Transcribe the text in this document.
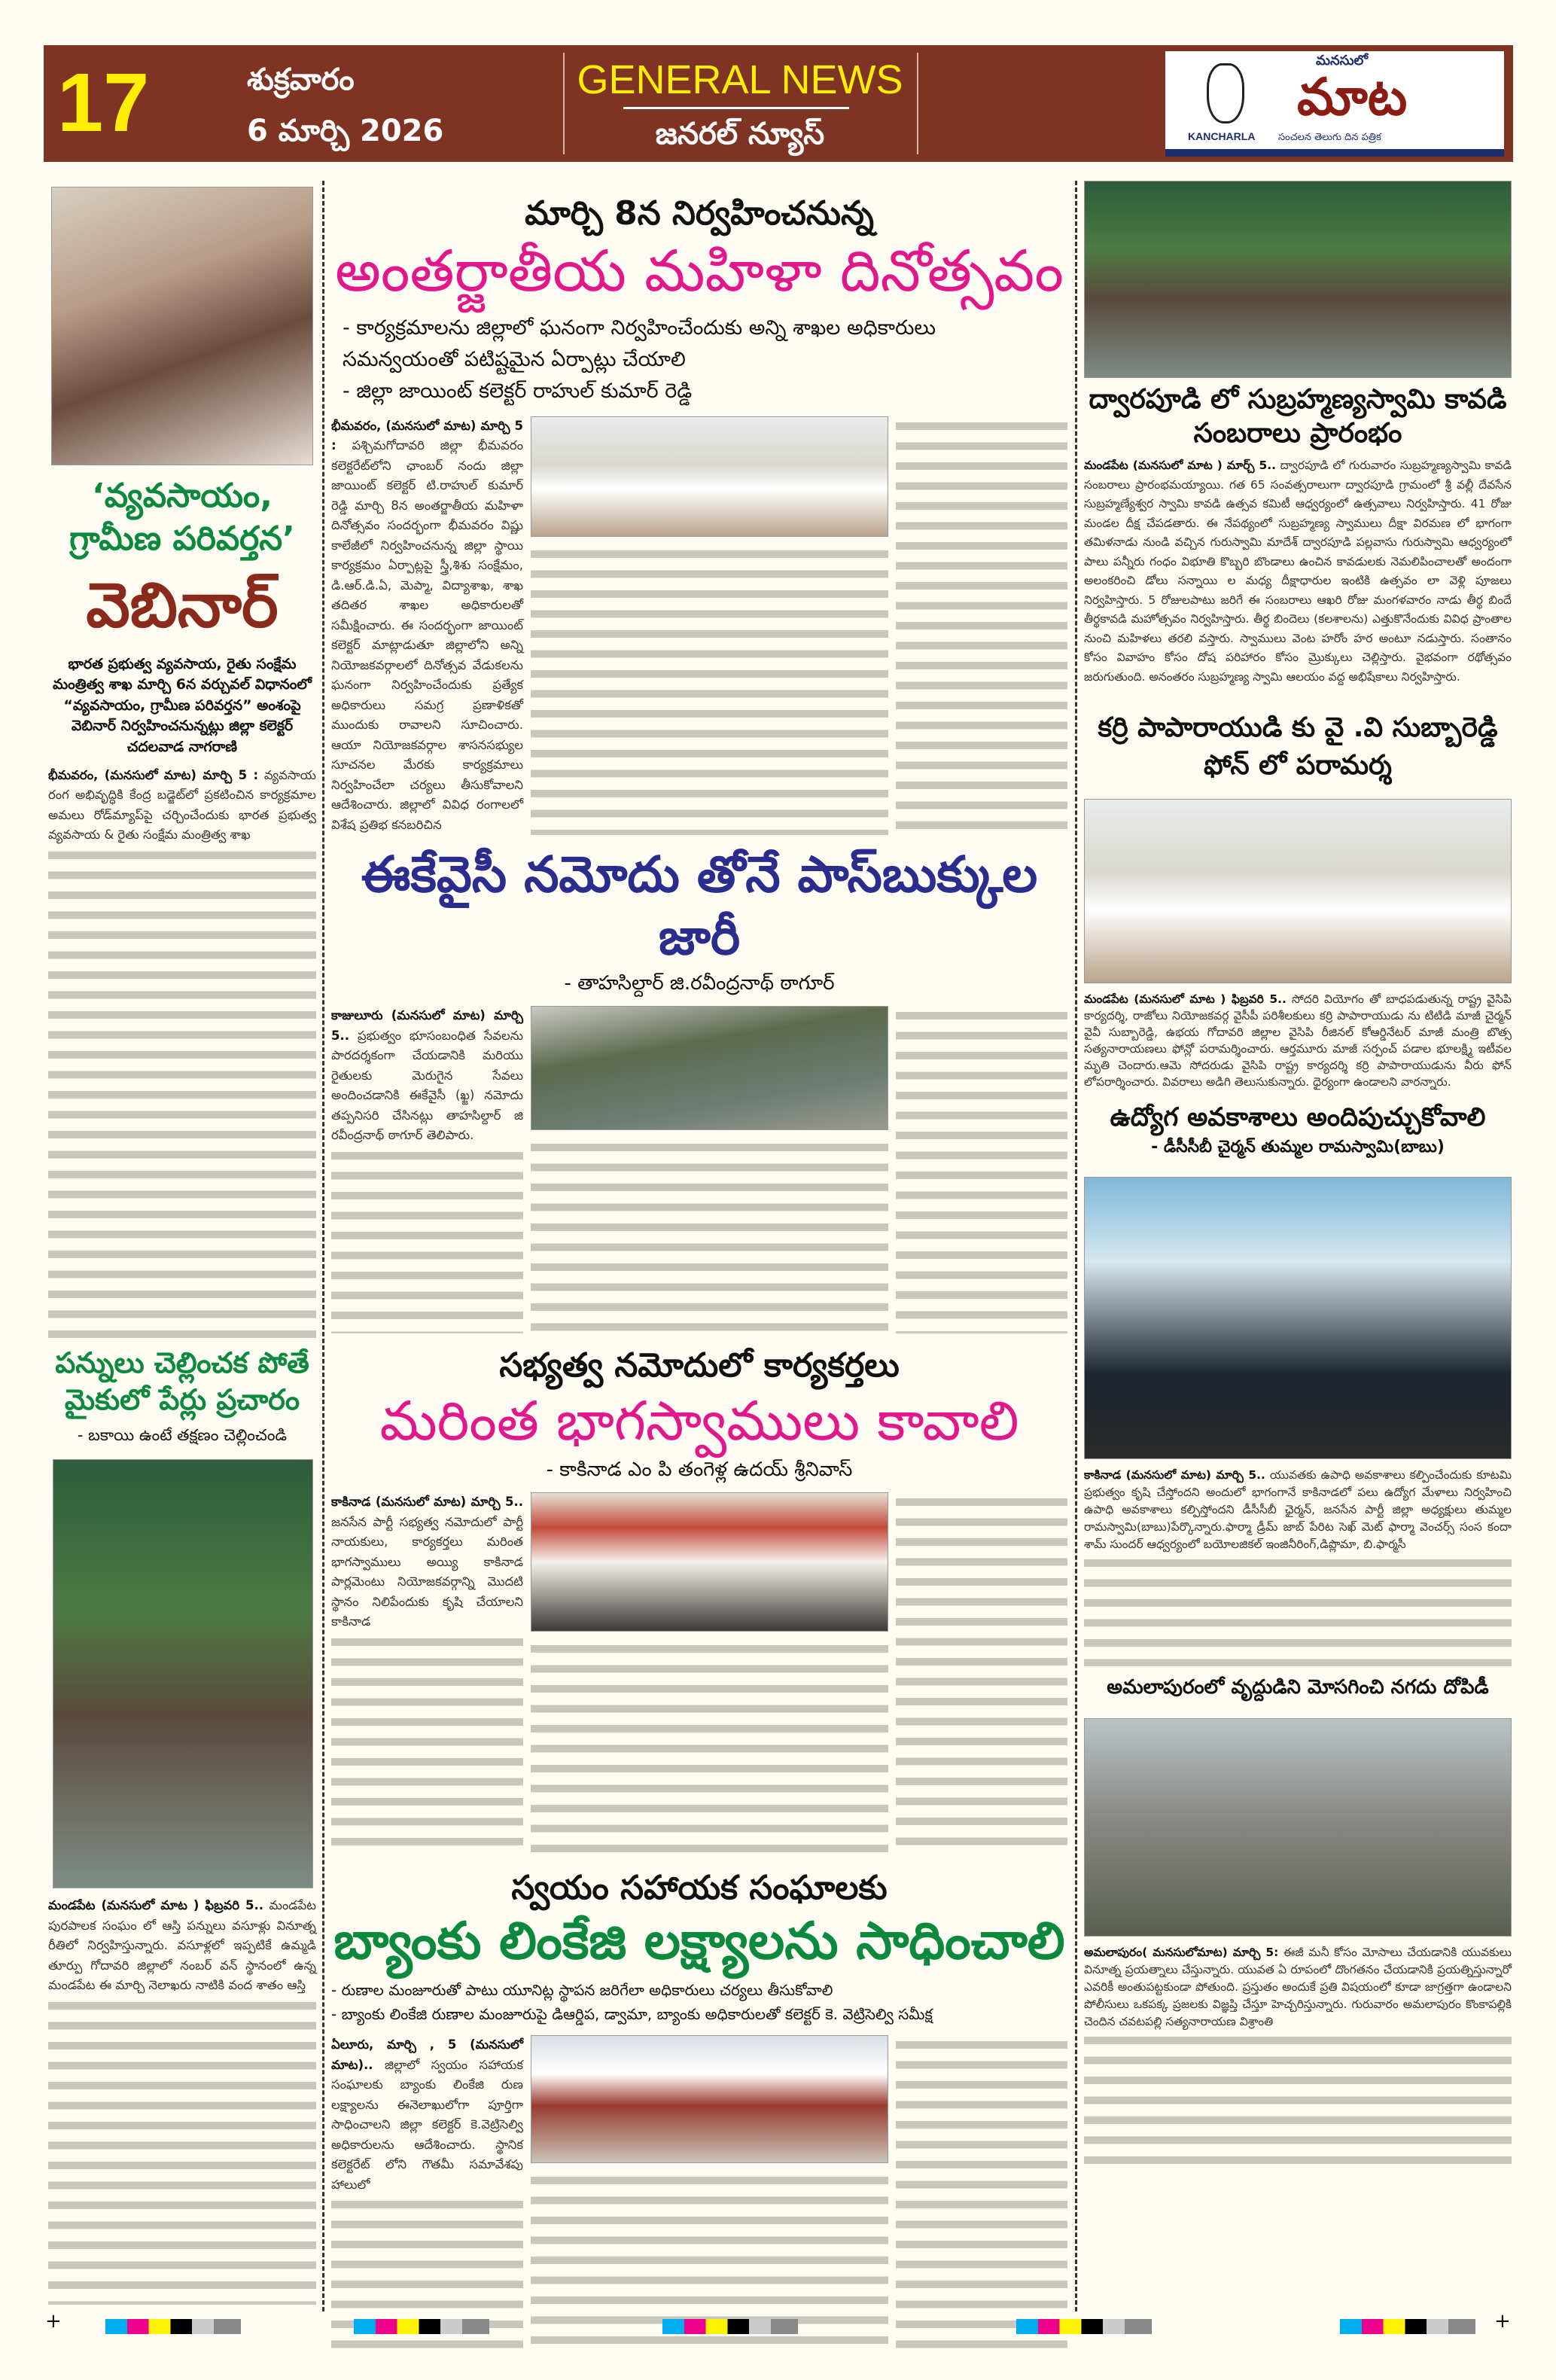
17	శుక్రవారం
6 మార్చి 2026
GENERAL NEWS
జనరల్ న్యూస్	KANCHARLA
మనసులో
మాట
సంచలన తెలుగు దిన పత్రిక
‘వ్యవసాయం, గ్రామీణ పరివర్తన’
వెబినార్
భారత ప్రభుత్వ వ్యవసాయ, రైతు సంక్షేమ మంత్రిత్వ శాఖ మార్చి 6న వర్చువల్ విధానంలో “వ్యవసాయం, గ్రామీణ పరివర్తన” అంశంపై వెబినార్ నిర్వహించనున్నట్లు జిల్లా కలెక్టర్ చదలవాడ నాగరాణి
భీమవరం, (మనసులో మాట) మార్చి 5 : వ్యవసాయ రంగ అభివృద్ధికి కేంద్ర బడ్జెట్‌లో ప్రకటించిన కార్యక్రమాల అమలు రోడ్‌మ్యాప్‌పై చర్చించేందుకు భారత ప్రభుత్వ వ్యవసాయ & రైతు సంక్షేమ మంత్రిత్వ శాఖ
పన్నులు చెల్లించక పోతే మైకులో పేర్లు ప్రచారం
- బకాయి ఉంటే తక్షణం చెల్లించండి
మండపేట (మనసులో మాట ) ఫిబ్రవరి 5.. మండపేట పురపాలక సంఘం లో ఆస్తి పన్నులు వసూళ్లు వినూత్న రీతిలో నిర్వహిస్తున్నారు. వసూళ్లలో ఇప్పటికే ఉమ్మడి తూర్పు గోదావరి జిల్లాలో నంబర్ వన్ స్థానంలో ఉన్న మండపేట ఈ మార్చి నెలాఖరు నాటికి వంద శాతం ఆస్తి
మార్చి 8న నిర్వహించనున్న
అంతర్జాతీయ మహిళా దినోత్సవం
- కార్యక్రమాలను జిల్లాలో ఘనంగా నిర్వహించేందుకు అన్ని శాఖల అధికారులు సమన్వయంతో పటిష్టమైన ఏర్పాట్లు చేయాలి
- జిల్లా జాయింట్ కలెక్టర్ రాహుల్ కుమార్ రెడ్డి
భీమవరం, (మనసులో మాట) మార్చి 5 : పశ్చిమగోదావరి జిల్లా భీమవరం కలెక్టరేట్‌లోని ఛాంబర్ నందు జిల్లా జాయింట్ కలెక్టర్ టి.రాహుల్ కుమార్ రెడ్డి మార్చి 8న అంతర్జాతీయ మహిళా దినోత్సవం సందర్భంగా భీమవరం విష్ణు కాలేజీలో నిర్వహించనున్న జిల్లా స్థాయి కార్యక్రమం ఏర్పాట్లపై స్త్రీ,శిశు సంక్షేమం, డి.ఆర్.డి.ఏ, మెప్మా, విద్యాశాఖ, శాఖ తదితర శాఖల అధికారులతో సమీక్షించారు. ఈ సందర్భంగా జాయింట్ కలెక్టర్ మాట్లాడుతూ జిల్లాలోని అన్ని నియోజకవర్గాలలో దినోత్సవ వేడుకలను ఘనంగా నిర్వహించేందుకు ప్రత్యేక అధికారులు సమగ్ర ప్రణాళికతో ముందుకు రావాలని సూచించారు. ఆయా నియోజకవర్గాల శాసనసభ్యుల సూచనల మేరకు కార్యక్రమాలు నిర్వహించేలా చర్యలు తీసుకోవాలని ఆదేశించారు. జిల్లాలో వివిధ రంగాలలో విశేష ప్రతిభ కనబరిచిన
ఈకేవైసీ నమోదు తోనే పాస్‌బుక్కుల జారీ
- తాహసిల్దార్ జి.రవీంద్రనాథ్ ఠాగూర్
కాజులూరు (మనసులో మాట) మార్చి 5.. ప్రభుత్వం భూసంబంధిత సేవలను పారదర్శకంగా చేయడానికి మరియు రైతులకు మెరుగైన సేవలు అందించడానికి ఈకేవైసీ (ఖ్జ) నమోదు తప్పనిసరి చేసినట్లు తాహసిల్దార్ జి రవీంద్రనాథ్ ఠాగూర్ తెలిపారు.
సభ్యత్వ నమోదులో కార్యకర్తలు
మరింత భాగస్వాములు కావాలి
- కాకినాడ ఎం పి తంగెళ్ల ఉదయ్ శ్రీనివాస్
కాకినాడ (మనసులో మాట) మార్చి 5.. జనసేన పార్టీ సభ్యత్వ నమోదులో పార్టీ నాయకులు, కార్యకర్తలు మరింత భాగస్వాములు అయ్యి కాకినాడ పార్లమెంటు నియోజకవర్గాన్ని మొదటి స్థానం నిలిపేందుకు కృషి చేయాలని కాకినాడ
స్వయం సహాయక సంఘాలకు
బ్యాంకు లింకేజి లక్ష్యాలను సాధించాలి
- రుణాల మంజూరుతో పాటు యూనిట్ల స్థాపన జరిగేలా అధికారులు చర్యలు తీసుకోవాలి
- బ్యాంకు లింకేజి రుణాల మంజూరుపై డిఆర్డిప, డ్వామా, బ్యాంకు అధికారులతో కలెక్టర్ కె. వెట్రిసెల్వి సమీక్ష
ఏలూరు, మార్చి , 5 (మనసులో మాట).. జిల్లాలో స్వయం సహాయక సంఘాలకు బ్యాంకు లింకేజి రుణ లక్ష్యాలను ఈనెలాఖులోగా పూర్తిగా సాధించాలని జిల్లా కలెక్టర్ కె.వెట్రిసెల్వి అధికారులను ఆదేశించారు. స్థానిక కలెక్టరేట్ లోని గౌతమీ సమావేశపు హాలులో
ద్వారపూడి లో సుబ్రహ్మణ్యస్వామి కావడి సంబరాలు ప్రారంభం
మండపేట (మనసులో మాట ) మార్చ్ 5.. ద్వారపూడి లో గురువారం సుబ్రహ్మణ్యస్వామి కావడి సంబరాలు ప్రారంభమయ్యాయి. గత 65 సంవత్సరాలుగా ద్వారపూడి గ్రామంలో శ్రీ వల్లీ దేవసేన సుబ్రహ్మణ్యేశ్వర స్వామి కావడి ఉత్సవ కమిటీ ఆధ్వర్యంలో ఉత్సవాలు నిర్వహిస్తారు. 41 రోజు మండల దీక్ష చేపడతారు. ఈ నేపథ్యంలో సుబ్రహ్మణ్య స్వాములు దీక్షా విరమణ లో భాగంగా తమిళనాడు నుండి వచ్చిన గురుస్వామి మాదేశ్ ద్వారపూడి పల్లవాసు గురుస్వామి ఆధ్వర్యంలో పాలు పన్నీరు గంధం విభూతి కొబ్బరి బొండాలు ఉంచిన కావడులకు నెమలిపించాలతో అందంగా అలంకరించి డోలు సన్నాయి ల మధ్య దీక్షాధారుల ఇంటికి ఉత్సవం లా వెళ్లి పూజలు నిర్వహిస్తారు. 5 రోజులపాటు జరిగే ఈ సంబరాలు ఆఖరి రోజు మంగళవారం నాడు తీర్థ బిందే తీర్థకావడి మహోత్సవం నిర్వహిస్తారు. తీర్థ బిందెలు (కలశాలను) ఎత్తుకొనేందుకు వివిధ ప్రాంతాల నుంచి మహిళలు తరలి వస్తారు. స్వాములు వెంట హరోం హర అంటూ నడుస్తారు. సంతానం కోసం వివాహం కోసం దోష పరిహారం కోసం మ్రొక్కులు చెల్లిస్తారు. వైభవంగా రథోత్సవం జరుగుతుంది. అనంతరం సుబ్రహ్మణ్య స్వామి ఆలయం వద్ద అభిషేకాలు నిర్వహిస్తారు.
కర్రి పాపారాయుడి కు వై .వి సుబ్బారెడ్డి ఫోన్ లో పరామర్శ
మండపేట (మనసులో మాట ) ఫిబ్రవరి 5.. సోదరి వియోగం తో బాధపడుతున్న రాష్ట్ర వైసిపి కార్యదర్శి, రాజోలు నియోజకవర్గ వైసీపీ పరిశీలకులు కర్రి పాపారాయుడు ను టిటిడి మాజీ చైర్మన్ వైవీ సుబ్బారెడ్డి, ఉభయ గోదావరి జిల్లాల వైసిపి రీజినల్ కోఆర్డినేటర్ మాజీ మంత్రి బొత్స సత్యనారాయణలు ఫోన్లో పరామర్శించారు. ఆర్తమూరు మాజీ సర్పంచ్ పడాల భూలక్ష్మి ఇటీవల మృతి చెందారు.ఆమె సోదరుడు వైసిపి రాష్ట్ర కార్యదర్శి కర్రి పాపారాయుడును వీరు ఫోన్ లోపరార్శించారు. వివరాలు అడిగి తెలుసుకున్నారు. ధైర్యంగా ఉండాలని వారన్నారు.
ఉద్యోగ అవకాశాలు అందిపుచ్చుకోవాలి
- డీసీసీబీ చైర్మన్ తుమ్మల రామస్వామి(బాబు)
కాకినాడ (మనసులో మాట) మార్చి 5.. యువతకు ఉపాధి అవకాశాలు కల్పించేందుకు కూటమి ప్రభుత్వం కృషి చేస్తోందని అందులో భాగంగానే కాకినాడలో పలు ఉద్యోగ మేళాలు నిర్వహించి ఉపాధి అవకాశాలు కల్పిస్తోందని డీసీసీబీ ఛైర్మన్, జనసేన పార్టీ జిల్లా అధ్యక్షులు తుమ్మల రామస్వామి(బాబు)పేర్కొన్నారు.ఫార్మా డ్రీమ్ జాబ్ పేరిట సెఖ్ మెట్ ఫార్మా వెంచర్స్ సంస కందా శామ్ సుందర్ ఆధ్వర్యంలో బయోలజికల్ ఇంజినీరింగ్,డిప్లొమా, బి.ఫార్మసీ
అమలాపురంలో వృద్దుడిని మోసగించి నగదు దోపిడీ
అమలాపురం( మనసులోమాట) మార్చి 5: ఈజీ మనీ కోసం మోసాలు చేయడానికి యువకులు వినూత్న ప్రయత్నాలు చేస్తున్నారు. యువత ఏ రూపంలో దొంగతనం చేయడానికి ప్రయత్నిస్తున్నారో ఎవరికీ అంతుపట్టకుండా పోతుంది. ప్రస్తుతం అందుకే ప్రతి విషయంలో కూడా జాగ్రత్తగా ఉండాలని పోలీసులు ఒకపక్క ప్రజలకు విజ్ఞప్తి చేస్తూ హెచ్చరిస్తున్నారు. గురువారం అమలాపురం కొంకాపల్లికి చెందిన చవటపల్లి సత్యనారాయణ విశ్రాంతి
+	+
